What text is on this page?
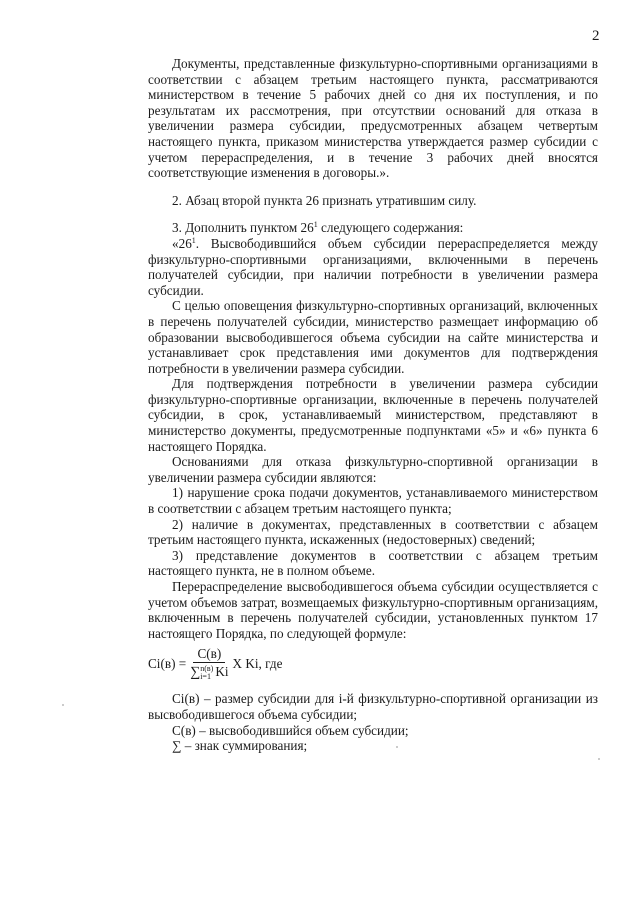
2

Документы, представленные физкультурно-спортивными организациями в соответствии с абзацем третьим настоящего пункта, рассматриваются министерством в течение 5 рабочих дней со дня их поступления, и по результатам их рассмотрения, при отсутствии оснований для отказа в увеличении размера субсидии, предусмотренных абзацем четвертым настоящего пункта, приказом министерства утверждается размер субсидии с учетом перераспределения, и в течение 3 рабочих дней вносятся соответствующие изменения в договоры.».

2. Абзац второй пункта 26 признать утратившим силу.

3. Дополнить пунктом $26^1$ следующего содержания:

«$26^1$. Высвободившийся объем субсидии перераспределяется между физкультурно-спортивными организациями, включенными в перечень получателей субсидии, при наличии потребности в увеличении размера субсидии.

С целью оповещения физкультурно-спортивных организаций, включенных в перечень получателей субсидии, министерство размещает информацию об образовании высвободившегося объема субсидии на сайте министерства и устанавливает срок представления ими документов для подтверждения потребности в увеличении размера субсидии.

Для подтверждения потребности в увеличении размера субсидии физкультурно-спортивные организации, включенные в перечень получателей субсидии, в срок, устанавливаемый министерством, представляют в министерство документы, предусмотренные подпунктами «5» и «6» пункта 6 настоящего Порядка.

Основаниями для отказа физкультурно-спортивной организации в увеличении размера субсидии являются:

1) нарушение срока подачи документов, устанавливаемого министерством в соответствии с абзацем третьим настоящего пункта;

2) наличие в документах, представленных в соответствии с абзацем третьим настоящего пункта, искаженных (недостоверных) сведений;

3) представление документов в соответствии с абзацем третьим настоящего пункта, не в полном объеме.

Перераспределение высвободившегося объема субсидии осуществляется с учетом объемов затрат, возмещаемых физкультурно-спортивным организациям, включенным в перечень получателей субсидии, установленных пунктом 17 настоящего Порядка, по следующей формуле:

Ci(в) = С(в)
∑ n(в)
i=1 Ki X Ki, где

Ci(в) – размер субсидии для i-й физкультурно-спортивной организации из высвободившегося объема субсидии;

С(в) – высвободившийся объем субсидии;

∑ – знак суммирования;
